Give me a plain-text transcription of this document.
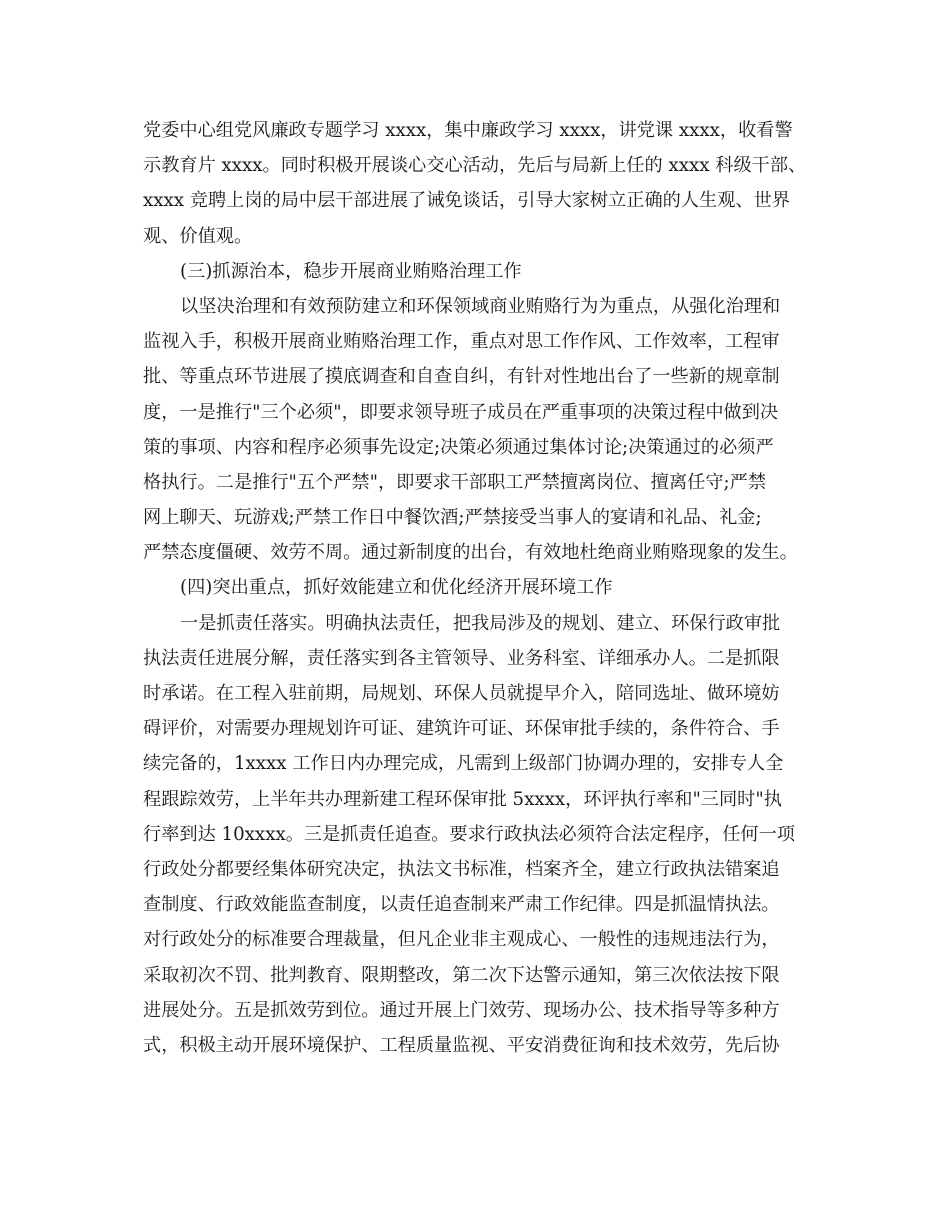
党委中心组党风廉政专题学习 xxxx，集中廉政学习 xxxx，讲党课 xxxx，收看警
示教育片 xxxx。同时积极开展谈心交心活动，先后与局新上任的 xxxx 科级干部、
xxxx 竞聘上岗的局中层干部进展了诫免谈话，引导大家树立正确的人生观、世界
观、价值观。
(三)抓源治本，稳步开展商业贿赂治理工作
以坚决治理和有效预防建立和环保领域商业贿赂行为为重点，从强化治理和
监视入手，积极开展商业贿赂治理工作，重点对思工作作风、工作效率，工程审
批、等重点环节进展了摸底调查和自查自纠，有针对性地出台了一些新的规章制
度，一是推行"三个必须"，即要求领导班子成员在严重事项的决策过程中做到决
策的事项、内容和程序必须事先设定;决策必须通过集体讨论;决策通过的必须严
格执行。二是推行"五个严禁"，即要求干部职工严禁擅离岗位、擅离任守;严禁
网上聊天、玩游戏;严禁工作日中餐饮酒;严禁接受当事人的宴请和礼品、礼金;
严禁态度僵硬、效劳不周。通过新制度的出台，有效地杜绝商业贿赂现象的发生。
(四)突出重点，抓好效能建立和优化经济开展环境工作
一是抓责任落实。明确执法责任，把我局涉及的规划、建立、环保行政审批
执法责任进展分解，责任落实到各主管领导、业务科室、详细承办人。二是抓限
时承诺。在工程入驻前期，局规划、环保人员就提早介入，陪同选址、做环境妨
碍评价，对需要办理规划许可证、建筑许可证、环保审批手续的，条件符合、手
续完备的，1xxxx 工作日内办理完成，凡需到上级部门协调办理的，安排专人全
程跟踪效劳，上半年共办理新建工程环保审批 5xxxx，环评执行率和"三同时"执
行率到达 10xxxx。三是抓责任追查。要求行政执法必须符合法定程序，任何一项
行政处分都要经集体研究决定，执法文书标准，档案齐全，建立行政执法错案追
查制度、行政效能监查制度，以责任追查制来严肃工作纪律。四是抓温情执法。
对行政处分的标准要合理裁量，但凡企业非主观成心、一般性的违规违法行为，
采取初次不罚、批判教育、限期整改，第二次下达警示通知，第三次依法按下限
进展处分。五是抓效劳到位。通过开展上门效劳、现场办公、技术指导等多种方
式，积极主动开展环境保护、工程质量监视、平安消费征询和技术效劳，先后协
